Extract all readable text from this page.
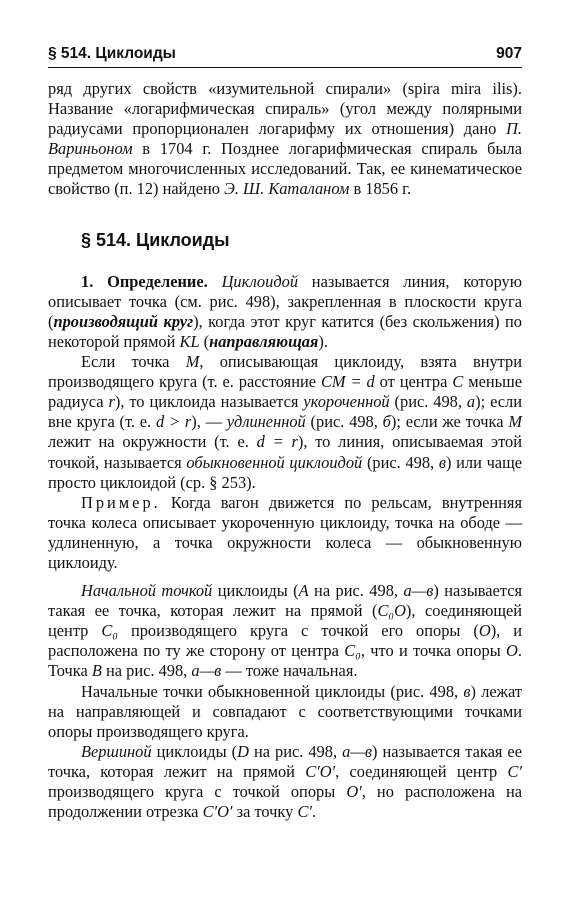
§ 514. Циклоиды	907

ряд других свойств «изумительной спирали» (spira mira ilis). Название «логарифмическая спираль» (угол между полярными радиусами пропорционален логарифму их отношения) дано П. Вариньоном в 1704 г. Позднее логарифмическая спираль была предметом многочисленных исследований. Так, ее кинематическое свойство (п. 12) найдено Э. Ш. Каталаном в 1856 г.

§ 514. Циклоиды

1. Определение. Циклоидой называется линия, которую описывает точка (см. рис. 498), закрепленная в плоскости круга (производящий круг), когда этот круг катится (без скольжения) по некоторой прямой KL (направляющая).

Если точка M, описывающая циклоиду, взята внутри производящего круга (т. е. расстояние CM = d от центра C меньше радиуса r), то циклоида называется укороченной (рис. 498, а); если вне круга (т. е. d > r), — удлиненной (рис. 498, б); если же точка M лежит на окружности (т. е. d = r), то линия, описываемая этой точкой, называется обыкновенной циклоидой (рис. 498, в) или чаще просто циклоидой (ср. § 253).

Пример. Когда вагон движется по рельсам, внутренняя точка колеса описывает укороченную циклоиду, точка на ободе — удлиненную, а точка окружности колеса — обыкновенную циклоиду.

Начальной точкой циклоиды (A на рис. 498, а—в) называется такая ее точка, которая лежит на прямой (C₀O), соединяющей центр C₀ производящего круга с точкой его опоры (O), и расположена по ту же сторону от центра C₀, что и точка опоры O. Точка B на рис. 498, а—в — тоже начальная.

Начальные точки обыкновенной циклоиды (рис. 498, в) лежат на направляющей и совпадают с соответствующими точками опоры производящего круга.

Вершиной циклоиды (D на рис. 498, а—в) называется такая ее точка, которая лежит на прямой C′O′, соединяющей центр C′ производящего круга с точкой опоры O′, но расположена на продолжении отрезка C′O′ за точку C′.
